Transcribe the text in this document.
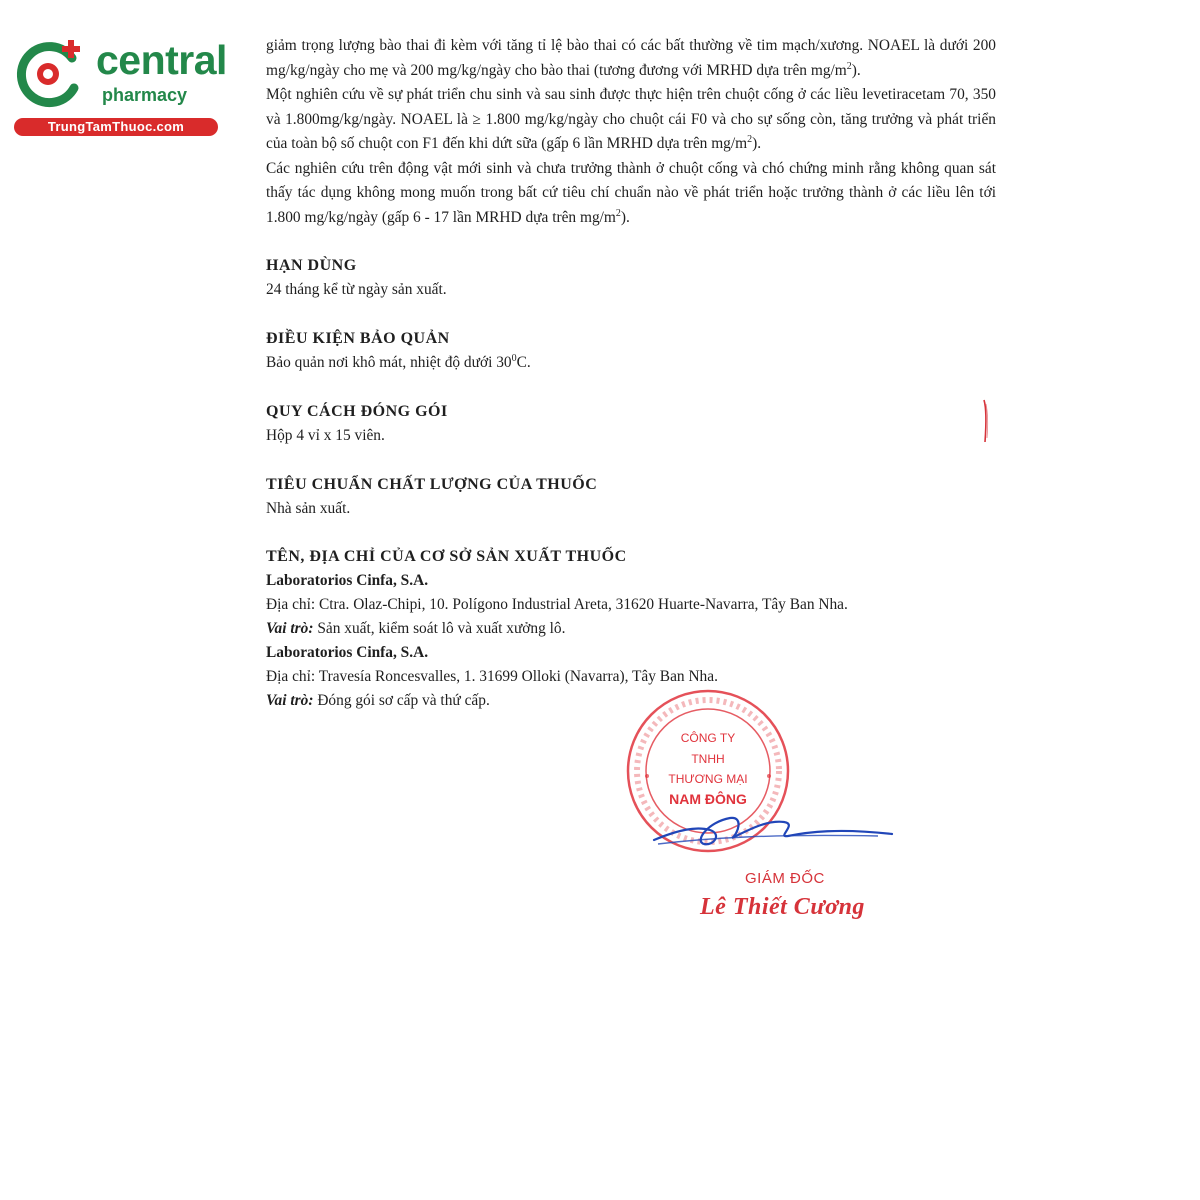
central
pharmacy
TrungTamThuoc.com

giảm trọng lượng bào thai đi kèm với tăng tỉ lệ bào thai có các bất thường về tim mạch/xương. NOAEL là dưới 200 mg/kg/ngày cho mẹ và 200 mg/kg/ngày cho bào thai (tương đương với MRHD dựa trên $mg/m^2$).

Một nghiên cứu về sự phát triển chu sinh và sau sinh được thực hiện trên chuột cống ở các liều levetiracetam 70, 350 và 1.800mg/kg/ngày. NOAEL là ≥ 1.800 mg/kg/ngày cho chuột cái F0 và cho sự sống còn, tăng trưởng và phát triển của toàn bộ số chuột con F1 đến khi dứt sữa (gấp 6 lần MRHD dựa trên $mg/m^2$).

Các nghiên cứu trên động vật mới sinh và chưa trưởng thành ở chuột cống và chó chứng minh rằng không quan sát thấy tác dụng không mong muốn trong bất cứ tiêu chí chuẩn nào về phát triển hoặc trưởng thành ở các liều lên tới 1.800 mg/kg/ngày (gấp 6 - 17 lần MRHD dựa trên $mg/m^2$).

HẠN DÙNG

24 tháng kể từ ngày sản xuất.

ĐIỀU KIỆN BẢO QUẢN

Bảo quản nơi khô mát, nhiệt độ dưới $30^0C$.

QUY CÁCH ĐÓNG GÓI

Hộp 4 vỉ x 15 viên.

TIÊU CHUẨN CHẤT LƯỢNG CỦA THUỐC

Nhà sản xuất.

TÊN, ĐỊA CHỈ CỦA CƠ SỞ SẢN XUẤT THUỐC

Laboratorios Cinfa, S.A.

Địa chỉ: Ctra. Olaz-Chipi, 10. Polígono Industrial Areta, 31620 Huarte-Navarra, Tây Ban Nha.

Vai trò: Sản xuất, kiểm soát lô và xuất xưởng lô.

Laboratorios Cinfa, S.A.

Địa chỉ: Travesía Roncesvalles, 1. 31699 Olloki (Navarra), Tây Ban Nha.

Vai trò: Đóng gói sơ cấp và thứ cấp.

CÔNG TY
TNHH
THƯƠNG MẠI
NAM ĐÔNG
GIÁM ĐỐC
Lê Thiết Cương
